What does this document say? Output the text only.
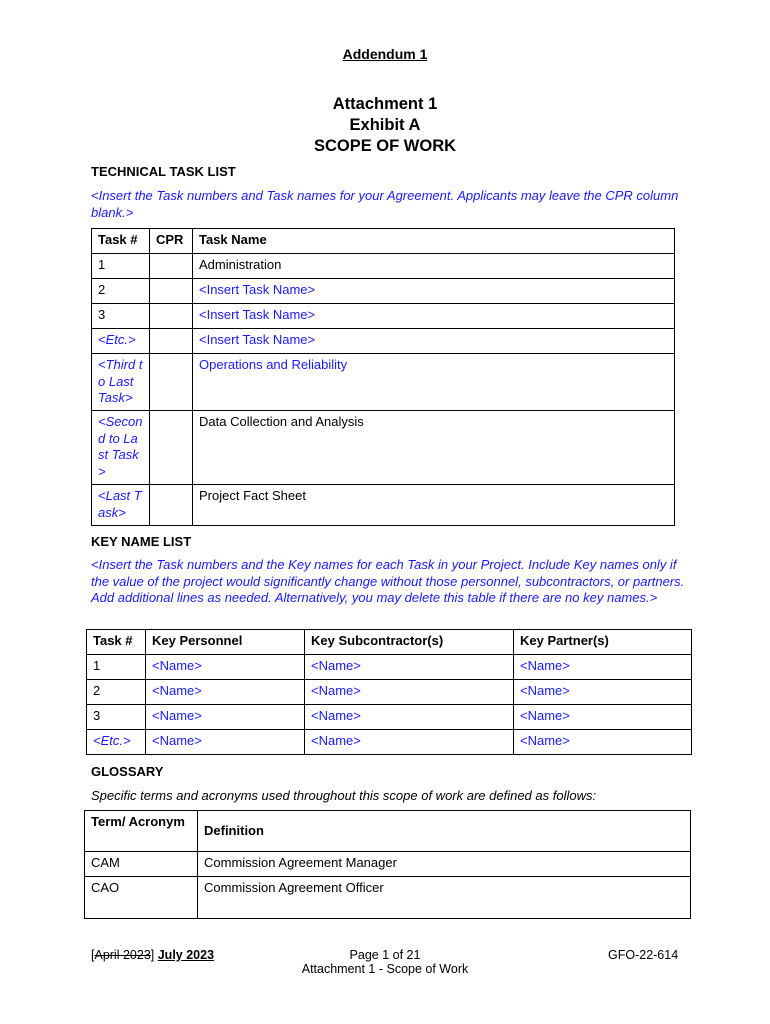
Addendum 1
Attachment 1
Exhibit A
SCOPE OF WORK
TECHNICAL TASK LIST
<Insert the Task numbers and Task names for your Agreement. Applicants may leave the CPR column blank.>
Task #	CPR	Task Name
1		Administration
2		<Insert Task Name>
3		<Insert Task Name>
<Etc.>		<Insert Task Name>
<Third to Last Task>		Operations and Reliability
<Second to Last Task>		Data Collection and Analysis
<Last Task>		Project Fact Sheet
KEY NAME LIST
<Insert the Task numbers and the Key names for each Task in your Project. Include Key names only if the value of the project would significantly change without those personnel, subcontractors, or partners. Add additional lines as needed. Alternatively, you may delete this table if there are no key names.>
Task #	Key Personnel	Key Subcontractor(s)	Key Partner(s)
1	<Name>	<Name>	<Name>
2	<Name>	<Name>	<Name>
3	<Name>	<Name>	<Name>
<Etc.>	<Name>	<Name>	<Name>
GLOSSARY
Specific terms and acronyms used throughout this scope of work are defined as follows:
Term/ Acronym	Definition
CAM	Commission Agreement Manager
CAO	Commission Agreement Officer
[April 2023] July 2023	Page 1 of 21
Attachment 1 - Scope of Work
GFO-22-614
